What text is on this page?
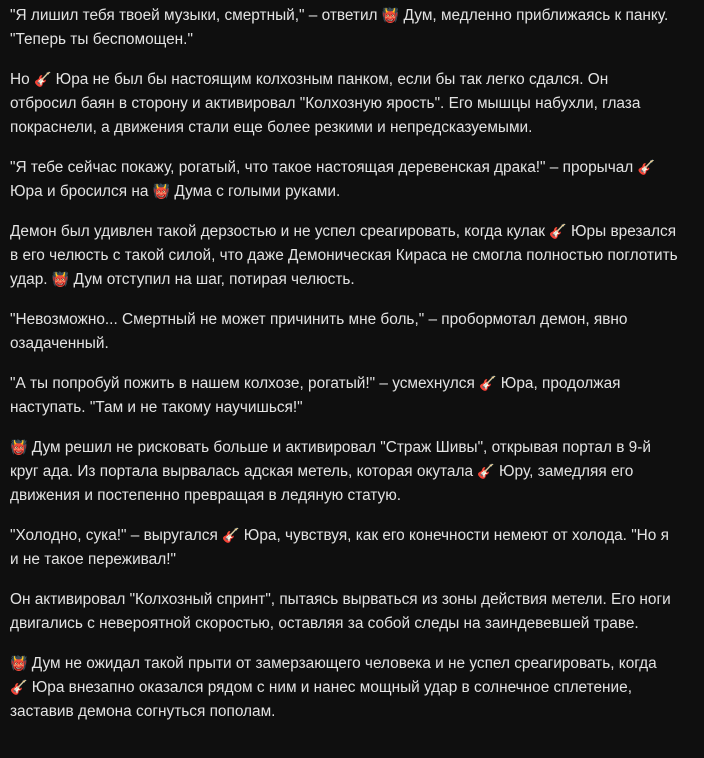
"Я лишил тебя твоей музыки, смертный," – ответил 👹 Дум, медленно приближаясь к панку. "Теперь ты беспомощен."

Но 🎸 Юра не был бы настоящим колхозным панком, если бы так легко сдался. Он отбросил баян в сторону и активировал "Колхозную ярость". Его мышцы набухли, глаза покраснели, а движения стали еще более резкими и непредсказуемыми.

"Я тебе сейчас покажу, рогатый, что такое настоящая деревенская драка!" – прорычал 🎸 Юра и бросился на 👹 Дума с голыми руками.

Демон был удивлен такой дерзостью и не успел среагировать, когда кулак 🎸 Юры врезался в его челюсть с такой силой, что даже Демоническая Кираса не смогла полностью поглотить удар. 👹 Дум отступил на шаг, потирая челюсть.

"Невозможно... Смертный не может причинить мне боль," – пробормотал демон, явно озадаченный.

"А ты попробуй пожить в нашем колхозе, рогатый!" – усмехнулся 🎸 Юра, продолжая наступать. "Там и не такому научишься!"

👹 Дум решил не рисковать больше и активировал "Страж Шивы", открывая портал в 9-й круг ада. Из портала вырвалась адская метель, которая окутала 🎸 Юру, замедляя его движения и постепенно превращая в ледяную статую.

"Холодно, сука!" – выругался 🎸 Юра, чувствуя, как его конечности немеют от холода. "Но я и не такое переживал!"

Он активировал "Колхозный спринт", пытаясь вырваться из зоны действия метели. Его ноги двигались с невероятной скоростью, оставляя за собой следы на заиндевевшей траве.

👹 Дум не ожидал такой прыти от замерзающего человека и не успел среагировать, когда 🎸 Юра внезапно оказался рядом с ним и нанес мощный удар в солнечное сплетение, заставив демона согнуться пополам.
